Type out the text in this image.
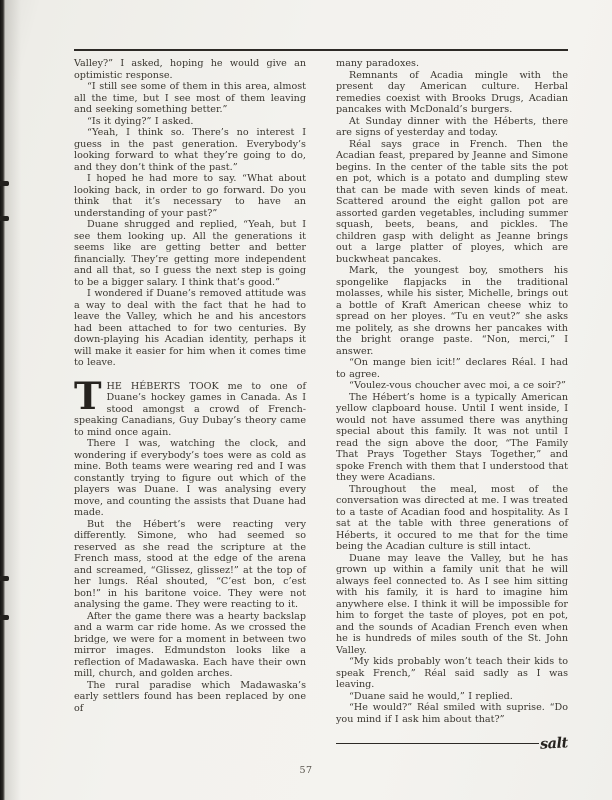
Valley?” I asked, hoping he would give an optimistic response.

“I still see some of them in this area, almost all the time, but I see most of them leaving and seeking something better.”

“Is it dying?” I asked.

“Yeah, I think so. There’s no interest I guess in the past generation. Everybody’s looking forward to what they’re going to do, and they don’t think of the past.”

I hoped he had more to say. “What about looking back, in order to go forward. Do you think that it’s necessary to have an understanding of your past?”

Duane shrugged and replied, “Yeah, but I see them looking up. All the generations it seems like are getting better and better financially. They’re getting more independent and all that, so I guess the next step is going to be a bigger salary. I think that’s good.”

I wondered if Duane’s removed attitude was a way to deal with the fact that he had to leave the Valley, which he and his ancestors had been attached to for two centuries. By down-playing his Acadian identity, perhaps it will make it easier for him when it comes time to leave.

THE HÉBERTS TOOK me to one of Duane’s hockey games in Canada. As I stood amongst a crowd of French-speaking Canadians, Guy Dubay’s theory came to mind once again.

There I was, watching the clock, and wondering if everybody’s toes were as cold as mine. Both teams were wearing red and I was constantly trying to figure out which of the players was Duane. I was analysing every move, and counting the assists that Duane had made.

But the Hébert’s were reacting very differently. Simone, who had seemed so reserved as she read the scripture at the French mass, stood at the edge of the arena and screamed, “Glissez, glissez!” at the top of her lungs. Réal shouted, “C’est bon, c’est bon!” in his baritone voice. They were not analysing the game. They were reacting to it.

After the game there was a hearty backslap and a warm car ride home. As we crossed the bridge, we were for a moment in between two mirror images. Edmundston looks like a reflection of Madawaska. Each have their own mill, church, and golden arches.

The rural paradise which Madawaska’s early settlers found has been replaced by one of

many paradoxes.

Remnants of Acadia mingle with the present day American culture. Herbal remedies coexist with Brooks Drugs, Acadian pancakes with McDonald’s burgers.

At Sunday dinner with the Héberts, there are signs of yesterday and today.

Réal says grace in French. Then the Acadian feast, prepared by Jeanne and Simone begins. In the center of the table sits the pot en pot, which is a potato and dumpling stew that can be made with seven kinds of meat. Scattered around the eight gallon pot are assorted garden vegetables, including summer squash, beets, beans, and pickles. The children gasp with delight as Jeanne brings out a large platter of ployes, which are buckwheat pancakes.

Mark, the youngest boy, smothers his spongelike flapjacks in the traditional molasses, while his sister, Michelle, brings out a bottle of Kraft American cheese whiz to spread on her ployes. “Tu en veut?” she asks me politely, as she drowns her pancakes with the bright orange paste. “Non, merci,” I answer.

“On mange bien icit!” declares Réal. I had to agree.

“Voulez-vous choucher avec moi, a ce soir?”

The Hébert’s home is a typically American yellow clapboard house. Until I went inside, I would not have assumed there was anything special about this family. It was not until I read the sign above the door, “The Family That Prays Together Stays Together,” and spoke French with them that I understood that they were Acadians.

Throughout the meal, most of the conversation was directed at me. I was treated to a taste of Acadian food and hospitality. As I sat at the table with three generations of Héberts, it occured to me that for the time being the Acadian culture is still intact.

Duane may leave the Valley, but he has grown up within a family unit that he will always feel connected to. As I see him sitting with his family, it is hard to imagine him anywhere else. I think it will be impossible for him to forget the taste of ployes, pot en pot, and the sounds of Acadian French even when he is hundreds of miles south of the St. John Valley.

“My kids probably won’t teach their kids to speak French,” Réal said sadly as I was leaving.

“Duane said he would,” I replied.

“He would?” Réal smiled with suprise. “Do you mind if I ask him about that?”

salt
57
